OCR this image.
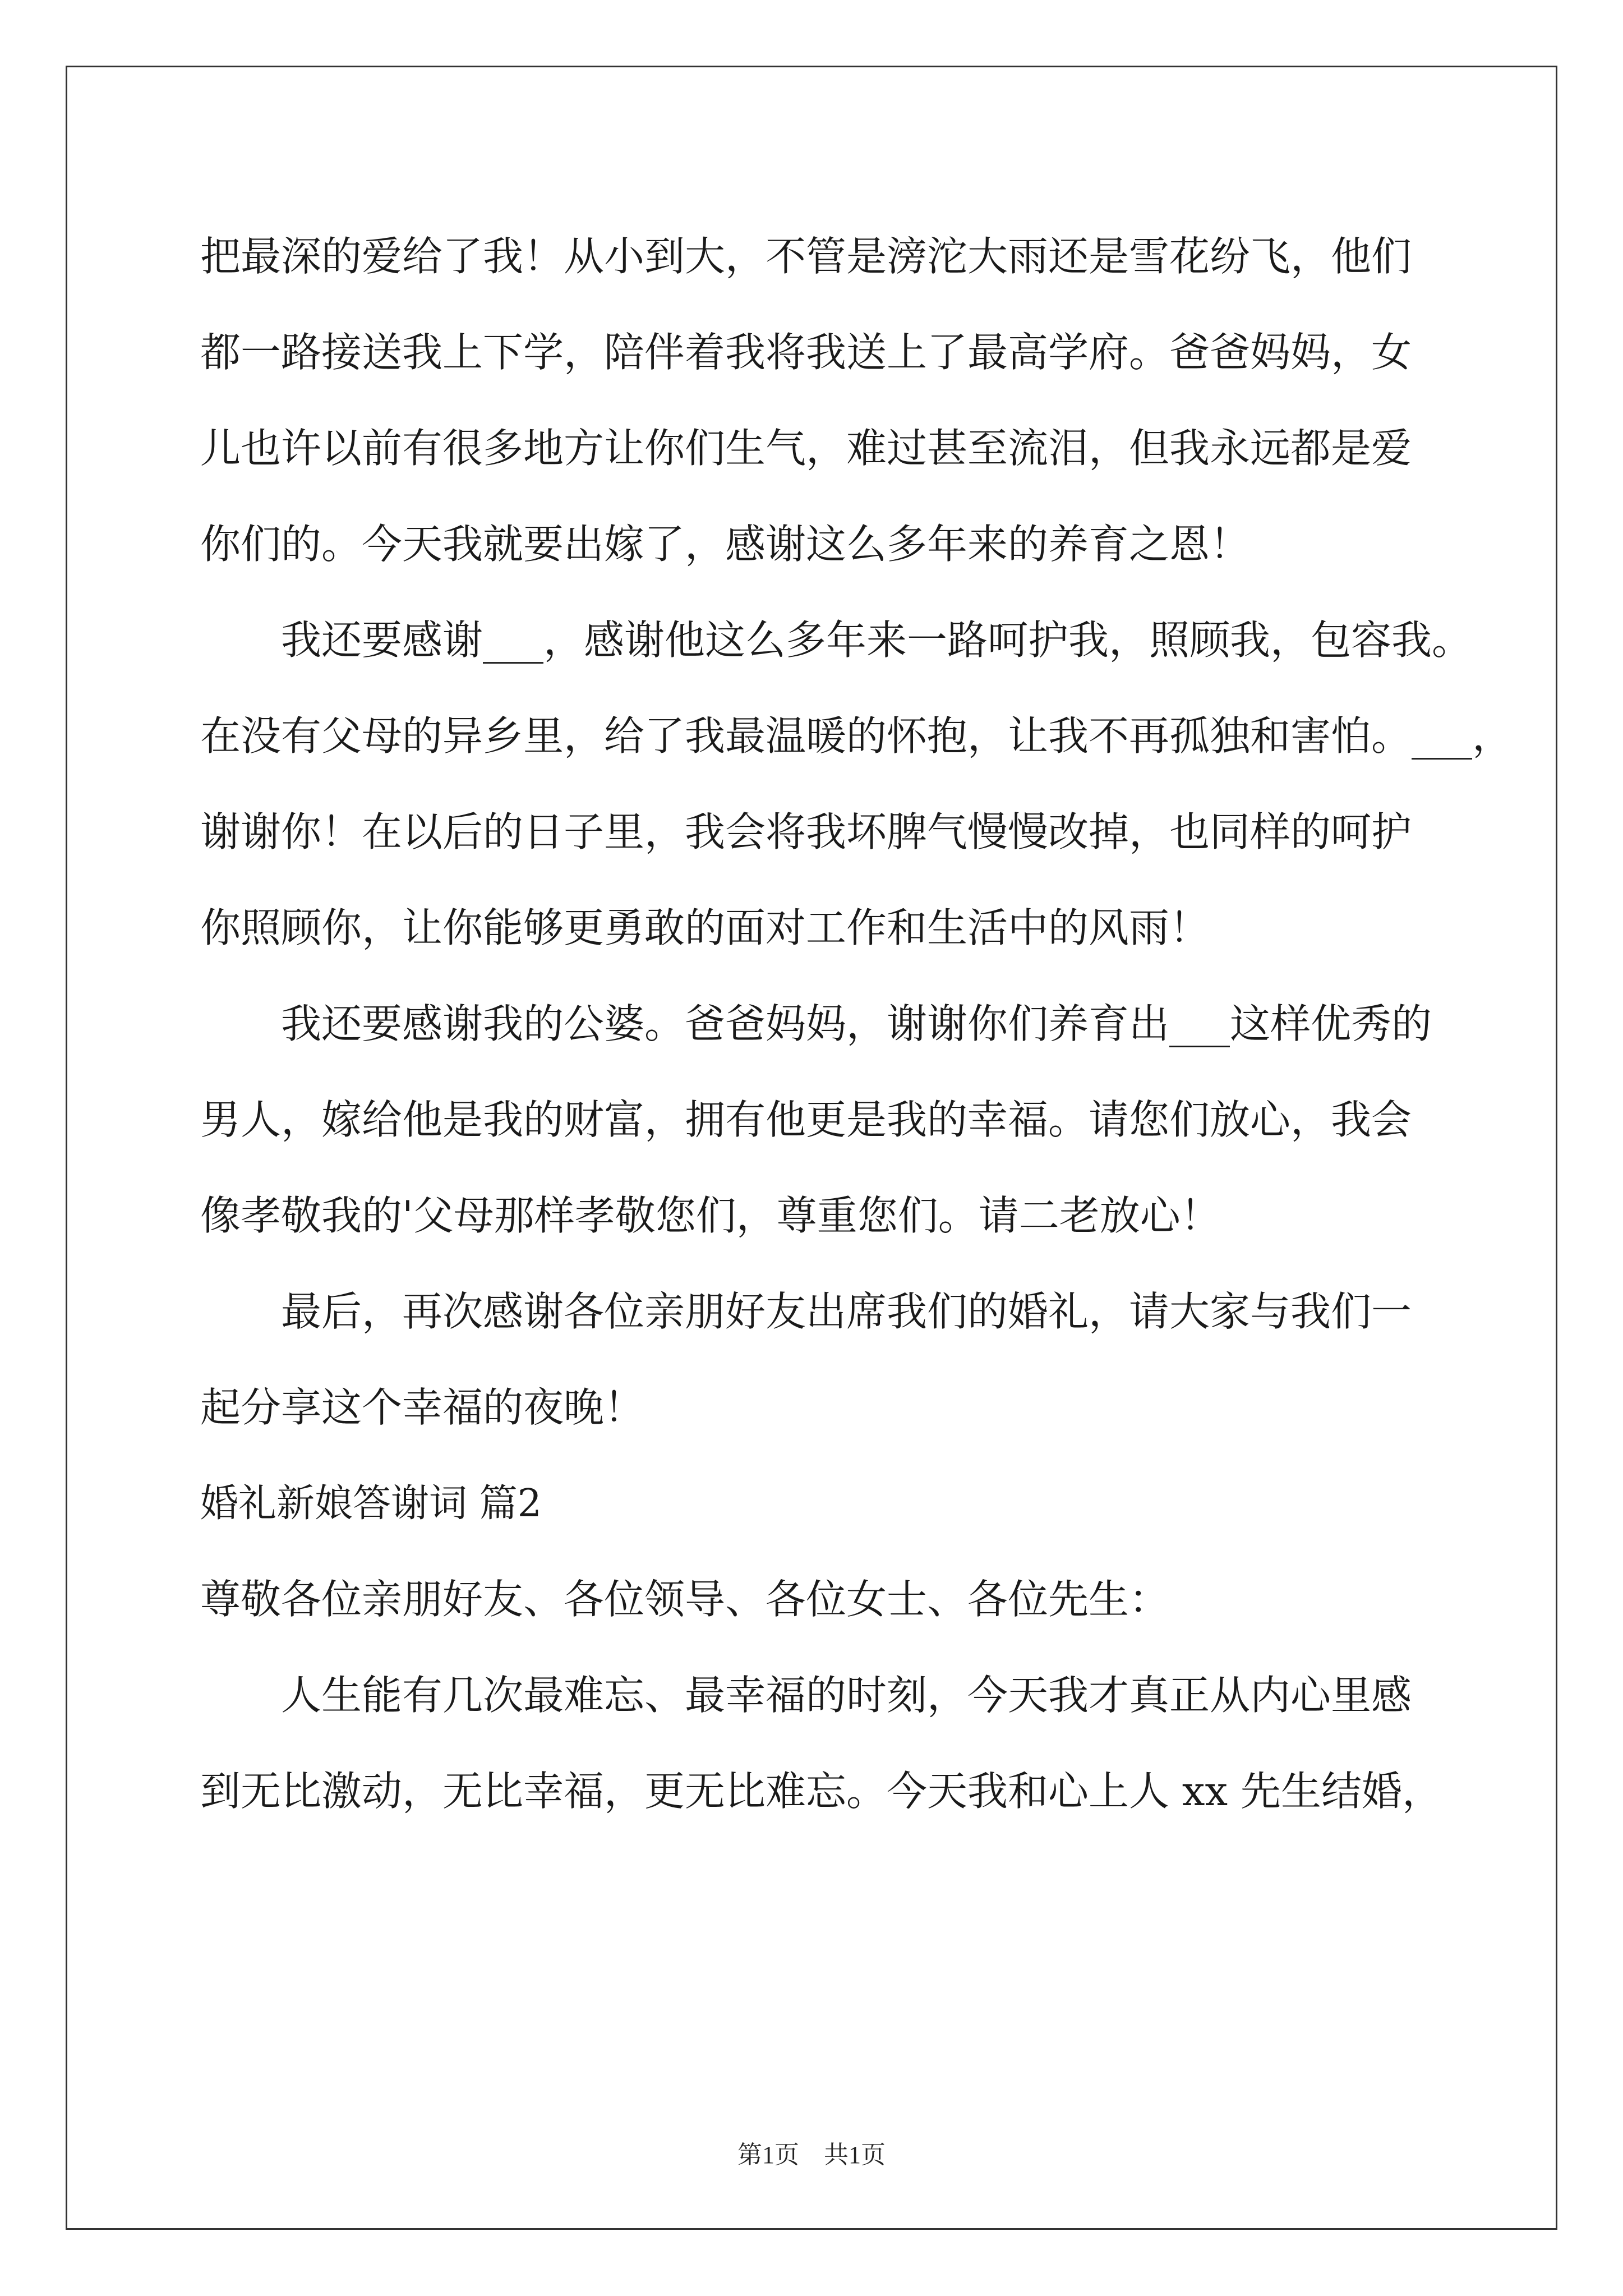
把最深的爱给了我！从小到大，不管是滂沱大雨还是雪花纷飞，他们
都一路接送我上下学，陪伴着我将我送上了最高学府。爸爸妈妈，女
儿也许以前有很多地方让你们生气，难过甚至流泪，但我永远都是爱
你们的。今天我就要出嫁了，感谢这么多年来的养育之恩！
我还要感谢___，感谢他这么多年来一路呵护我，照顾我，包容我。
在没有父母的异乡里，给了我最温暖的怀抱，让我不再孤独和害怕。___，
谢谢你！在以后的日子里，我会将我坏脾气慢慢改掉，也同样的呵护
你照顾你，让你能够更勇敢的面对工作和生活中的风雨！
我还要感谢我的公婆。爸爸妈妈，谢谢你们养育出___这样优秀的
男人，嫁给他是我的财富，拥有他更是我的幸福。请您们放心，我会
像孝敬我的'父母那样孝敬您们，尊重您们。请二老放心！
最后，再次感谢各位亲朋好友出席我们的婚礼，请大家与我们一
起分享这个幸福的夜晚！
婚礼新娘答谢词 篇2
尊敬各位亲朋好友、各位领导、各位女士、各位先生：
人生能有几次最难忘、最幸福的时刻，今天我才真正从内心里感
到无比激动，无比幸福，更无比难忘。今天我和心上人 xx 先生结婚，
第1页　共1页
